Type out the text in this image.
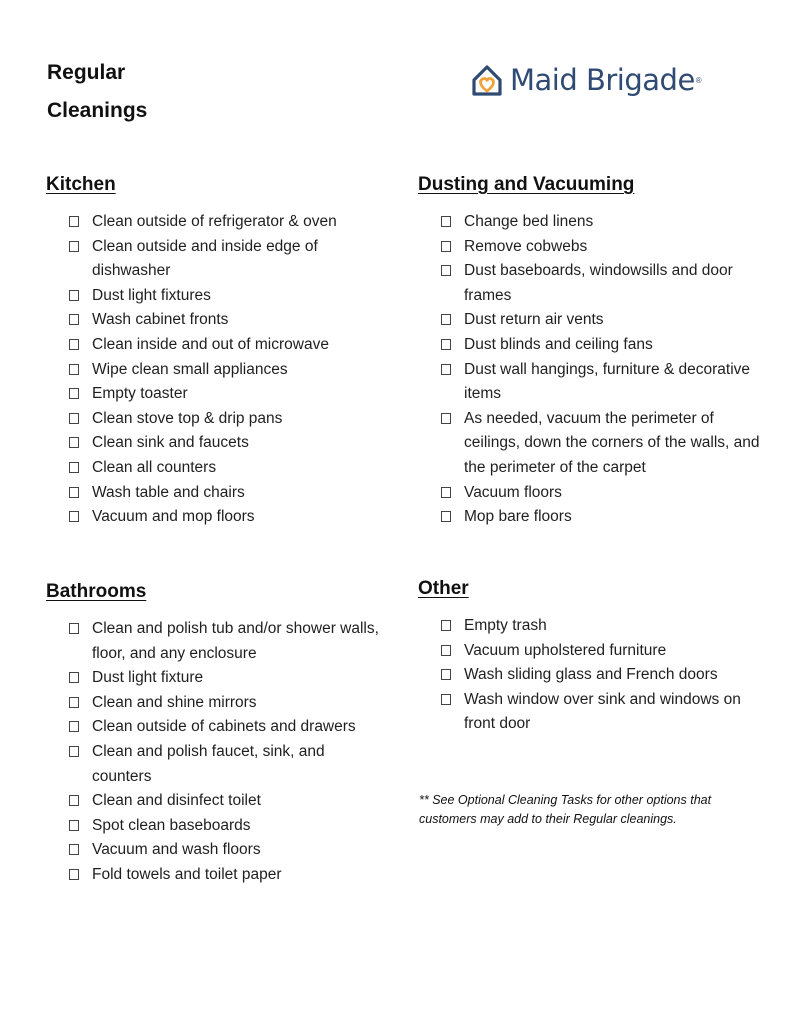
Regular
Cleanings
Maid Brigade ®
Kitchen
Clean outside of refrigerator & oven
Clean outside and inside edge of dishwasher
Dust light fixtures
Wash cabinet fronts
Clean inside and out of microwave
Wipe clean small appliances
Empty toaster
Clean stove top & drip pans
Clean sink and faucets
Clean all counters
Wash table and chairs
Vacuum and mop floors
Bathrooms
Clean and polish tub and/or shower walls, floor, and any enclosure
Dust light fixture
Clean and shine mirrors
Clean outside of cabinets and drawers
Clean and polish faucet, sink, and counters
Clean and disinfect toilet
Spot clean baseboards
Vacuum and wash floors
Fold towels and toilet paper
Dusting and Vacuuming
Change bed linens
Remove cobwebs
Dust baseboards, windowsills and door frames
Dust return air vents
Dust blinds and ceiling fans
Dust wall hangings, furniture & decorative items
As needed, vacuum the perimeter of ceilings, down the corners of the walls, and the perimeter of the carpet
Vacuum floors
Mop bare floors
Other
Empty trash
Vacuum upholstered furniture
Wash sliding glass and French doors
Wash window over sink and windows on front door

** See Optional Cleaning Tasks for other options that customers may add to their Regular cleanings.
